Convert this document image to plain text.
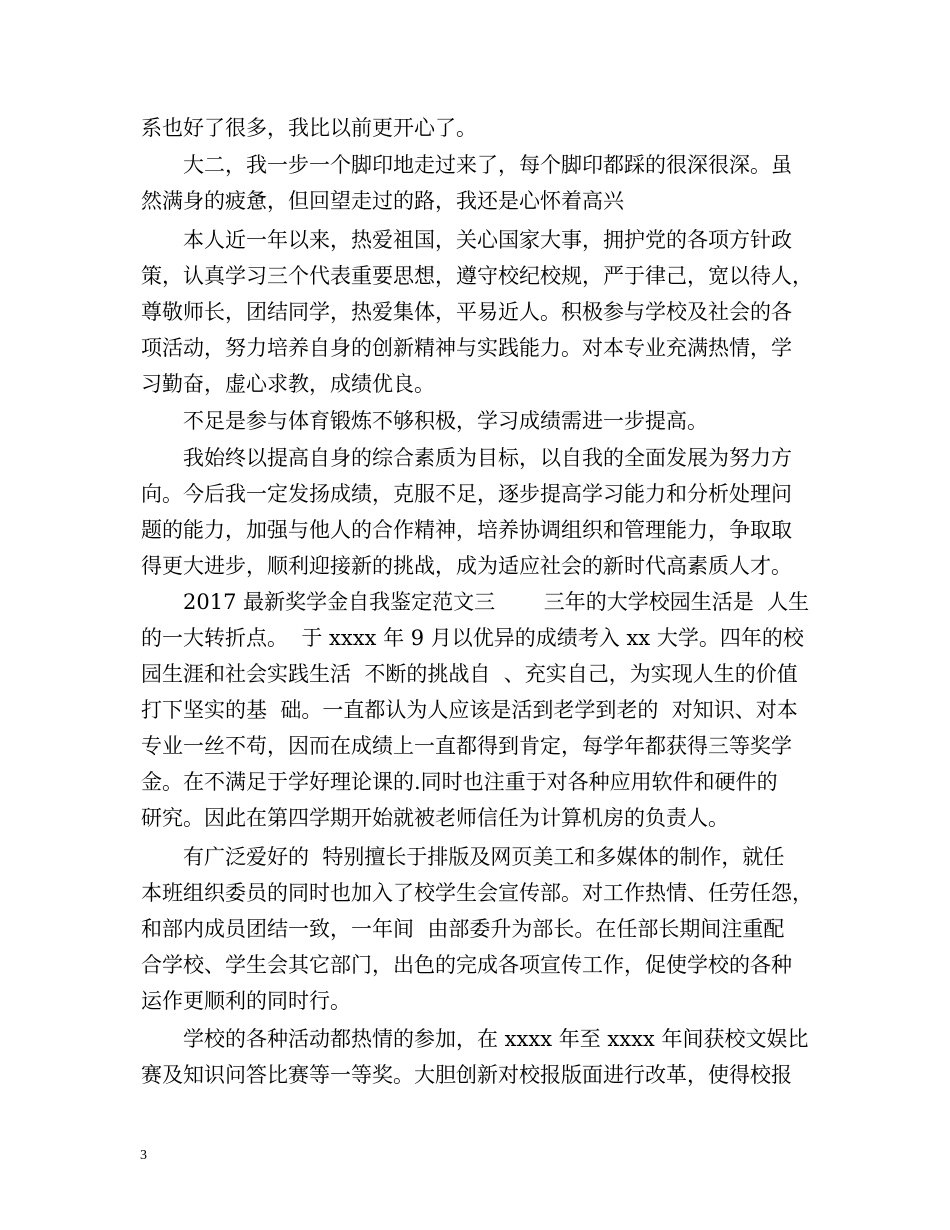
系也好了很多，我比以前更开心了。
大二，我一步一个脚印地走过来了，每个脚印都踩的很深很深。虽
然满身的疲惫，但回望走过的路，我还是心怀着高兴
本人近一年以来，热爱祖国，关心国家大事，拥护党的各项方针政
策，认真学习三个代表重要思想，遵守校纪校规，严于律己，宽以待人，
尊敬师长，团结同学，热爱集体，平易近人。积极参与学校及社会的各
项活动，努力培养自身的创新精神与实践能力。对本专业充满热情，学
习勤奋，虚心求教，成绩优良。
不足是参与体育锻炼不够积极，学习成绩需进一步提高。
我始终以提高自身的综合素质为目标，以自我的全面发展为努力方
向。今后我一定发扬成绩，克服不足，逐步提高学习能力和分析处理问
题的能力，加强与他人的合作精神，培养协调组织和管理能力，争取取
得更大进步，顺利迎接新的挑战，成为适应社会的新时代高素质人才。
2017 最新奖学金自我鉴定范文三　　 三年的大学校园生活是  人生
的一大转折点。  于 xxxx 年 9 月以优异的成绩考入 xx 大学。四年的校
园生涯和社会实践生活  不断的挑战自  、充实自己，为实现人生的价值
打下坚实的基  础。一直都认为人应该是活到老学到老的  对知识、对本
专业一丝不苟，因而在成绩上一直都得到肯定，每学年都获得三等奖学
金。在不满足于学好理论课的.同时也注重于对各种应用软件和硬件的
研究。因此在第四学期开始就被老师信任为计算机房的负责人。
有广泛爱好的  特别擅长于排版及网页美工和多媒体的制作，就任
本班组织委员的同时也加入了校学生会宣传部。对工作热情、任劳任怨，
和部内成员团结一致，一年间  由部委升为部长。在任部长期间注重配
合学校、学生会其它部门，出色的完成各项宣传工作，促使学校的各种
运作更顺利的同时行。
学校的各种活动都热情的参加，在 xxxx 年至 xxxx 年间获校文娱比
赛及知识问答比赛等一等奖。大胆创新对校报版面进行改革，使得校报
3
